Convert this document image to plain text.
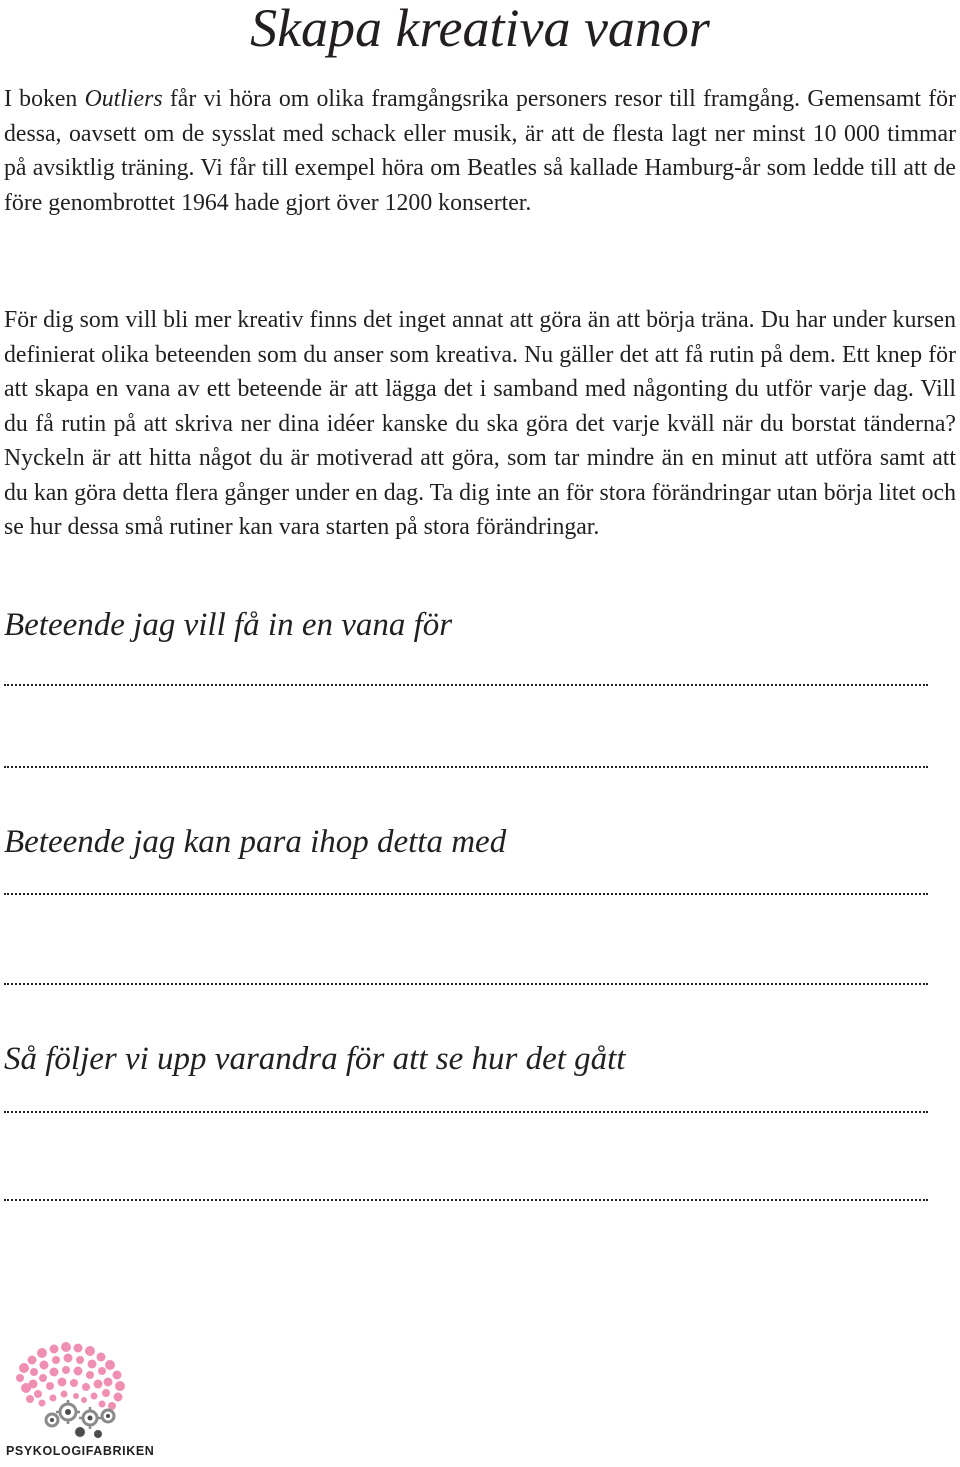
Skapa kreativa vanor

I boken Outliers får vi höra om olika framgångsrika personers resor till framgång. Gemensamt för dessa, oavsett om de sysslat med schack eller musik, är att de flesta lagt ner minst 10 000 timmar på avsiktlig träning. Vi får till exempel höra om Beatles så kallade Hamburg-år som ledde till att de före genombrottet 1964 hade gjort över 1200 konserter.

För dig som vill bli mer kreativ finns det inget annat att göra än att börja träna. Du har under kursen definierat olika beteenden som du anser som kreativa. Nu gäller det att få rutin på dem. Ett knep för att skapa en vana av ett beteende är att lägga det i samband med någonting du utför varje dag. Vill du få rutin på att skriva ner dina idéer kanske du ska göra det varje kväll när du borstat tänderna? Nyckeln är att hitta något du är motiverad att göra, som tar mindre än en minut att utföra samt att du kan göra detta flera gånger under en dag. Ta dig inte an för stora förändringar utan börja litet och se hur dessa små rutiner kan vara starten på stora förändringar.

Beteende jag vill få in en vana för
Beteende jag kan para ihop detta med
Så följer vi upp varandra för att se hur det gått
PSYKOLOGIFABRIKEN
